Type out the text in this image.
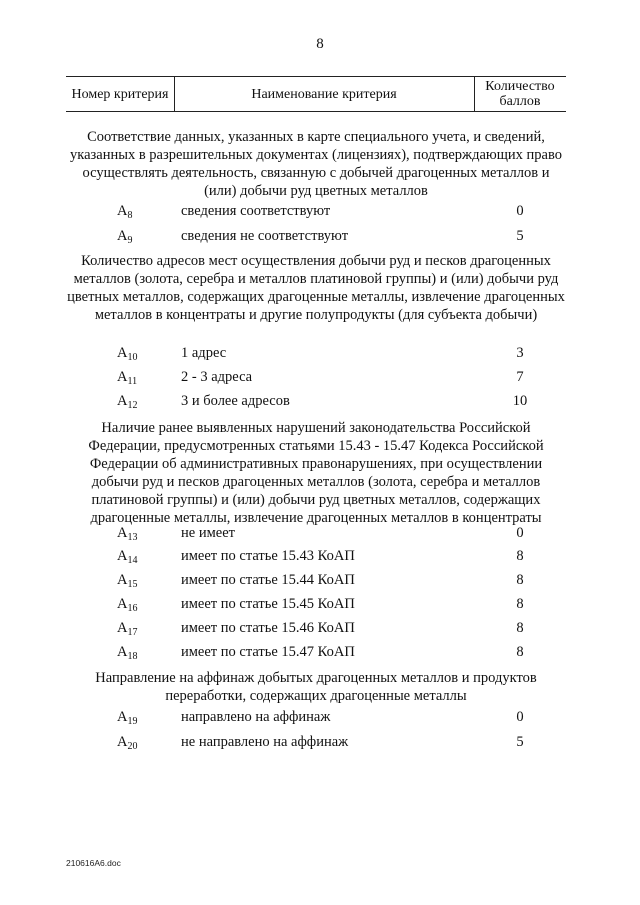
8
Номер критерия	Наименование критерия	Количество баллов
Соответствие данных, указанных в карте специального учета, и сведений, указанных в разрешительных документах (лицензиях), подтверждающих право осуществлять деятельность, связанную с добычей драгоценных металлов и (или) добычи руд цветных металлов
$А_8$	сведения соответствуют	0
$А_9$	сведения не соответствуют	5
Количество адресов мест осуществления добычи руд и песков драгоценных металлов (золота, серебра и металлов платиновой группы) и (или) добычи руд цветных металлов, содержащих драгоценные металлы, извлечение драгоценных металлов в концентраты и другие полупродукты (для субъекта добычи)
$А_{10}$	1 адрес	3
$А_{11}$	2 - 3 адреса	7
$А_{12}$	3 и более адресов	10
Наличие ранее выявленных нарушений законодательства Российской Федерации, предусмотренных статьями 15.43 - 15.47 Кодекса Российской Федерации об административных правонарушениях, при осуществлении добычи руд и песков драгоценных металлов (золота, серебра и металлов платиновой группы) и (или) добычи руд цветных металлов, содержащих драгоценные металлы, извлечение драгоценных металлов в концентраты
$А_{13}$	не имеет	0
$А_{14}$	имеет по статье 15.43 КоАП	8
$А_{15}$	имеет по статье 15.44 КоАП	8
$А_{16}$	имеет по статье 15.45 КоАП	8
$А_{17}$	имеет по статье 15.46 КоАП	8
$А_{18}$	имеет по статье 15.47 КоАП	8
Направление на аффинаж добытых драгоценных металлов и продуктов переработки, содержащих драгоценные металлы
$А_{19}$	направлено на аффинаж	0
$А_{20}$	не направлено на аффинаж	5
210616А6.doc
